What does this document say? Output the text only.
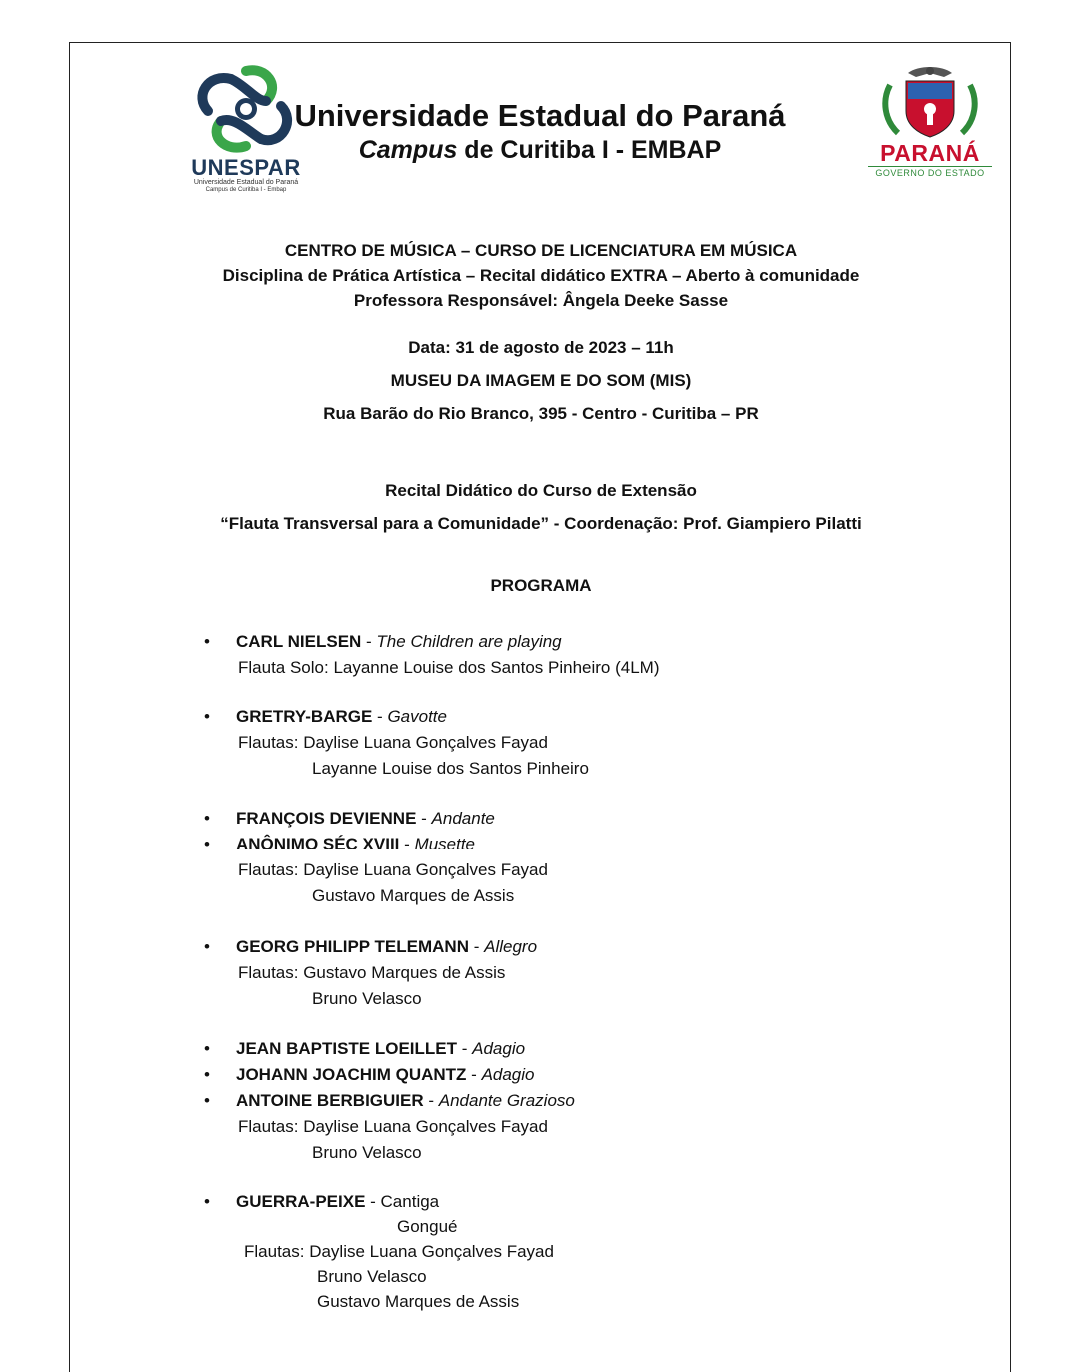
UNESPAR
Universidade Estadual do Paraná
Campus de Curitiba I - Embap
Universidade Estadual do Paraná
Campus de Curitiba I - EMBAP	PARANÁ
GOVERNO DO ESTADO
CENTRO DE MÚSICA – CURSO DE LICENCIATURA EM MÚSICA
Disciplina de Prática Artística – Recital didático EXTRA – Aberto à comunidade
Professora Responsável: Ângela Deeke Sasse
Data: 31 de agosto de 2023 – 11h
MUSEU DA IMAGEM E DO SOM (MIS)
Rua Barão do Rio Branco, 395 - Centro - Curitiba – PR
Recital Didático do Curso de Extensão
“Flauta Transversal para a Comunidade” - Coordenação: Prof. Giampiero Pilatti
PROGRAMA
• CARL NIELSEN - The Children are playing
Flauta Solo: Layanne Louise dos Santos Pinheiro (4LM)
• GRETRY-BARGE - Gavotte
Flautas: Daylise Luana Gonçalves Fayad
Layanne Louise dos Santos Pinheiro
• FRANÇOIS DEVIENNE - Andante
• ANÔNIMO SÉC XVIII - Musette
Flautas: Daylise Luana Gonçalves Fayad
Gustavo Marques de Assis
• GEORG PHILIPP TELEMANN - Allegro
Flautas: Gustavo Marques de Assis
Bruno Velasco
• JEAN BAPTISTE LOEILLET - Adagio
• JOHANN JOACHIM QUANTZ - Adagio
• ANTOINE BERBIGUIER - Andante Grazioso
Flautas: Daylise Luana Gonçalves Fayad
Bruno Velasco
• GUERRA-PEIXE - Cantiga
Gongué
Flautas: Daylise Luana Gonçalves Fayad
Bruno Velasco
Gustavo Marques de Assis
